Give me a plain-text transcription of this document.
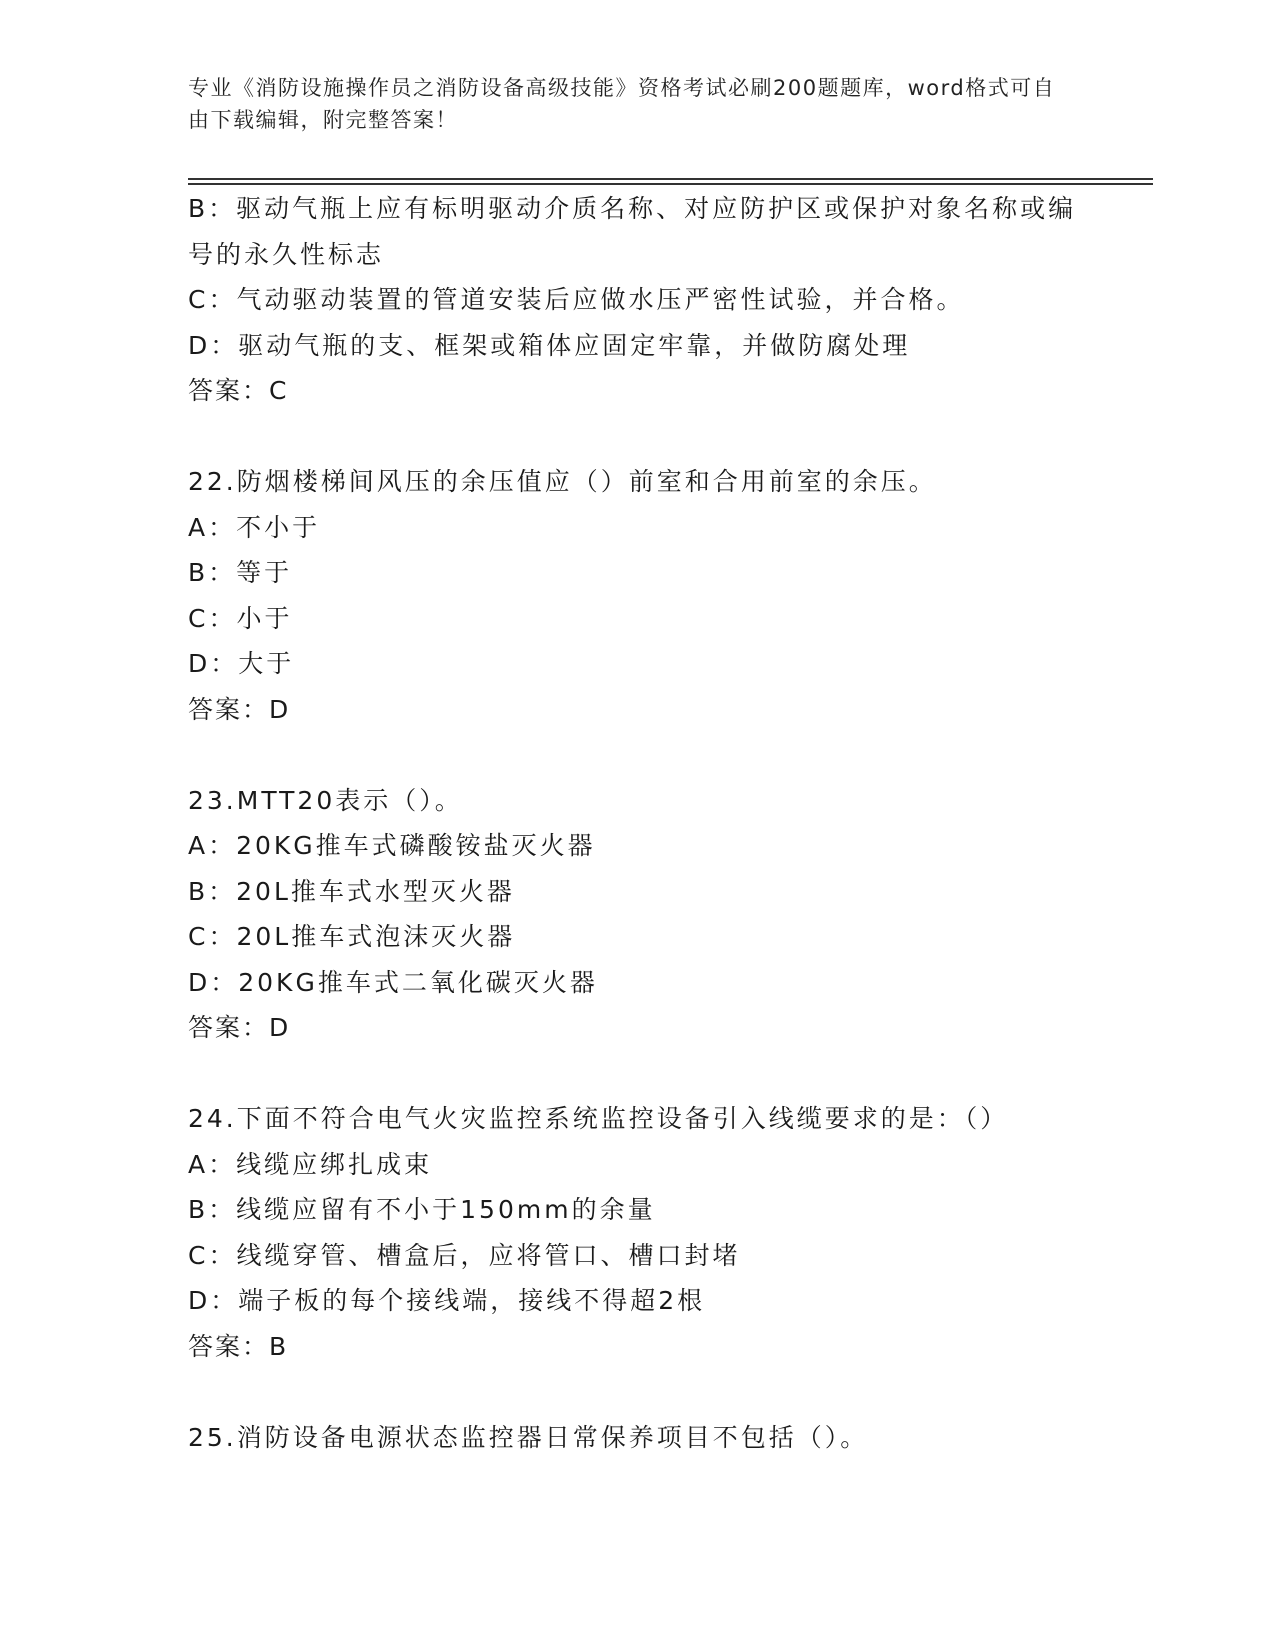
专业《消防设施操作员之消防设备高级技能》资格考试必刷200题题库，word格式可自由下载编辑，附完整答案！
B：驱动气瓶上应有标明驱动介质名称、对应防护区或保护对象名称或编号的永久性标志
C：气动驱动装置的管道安装后应做水压严密性试验，并合格。
D：驱动气瓶的支、框架或箱体应固定牢靠，并做防腐处理
答案：C
22.防烟楼梯间风压的余压值应（）前室和合用前室的余压。
A：不小于
B：等于
C：小于
D：大于
答案：D
23.MTT20表示（）。
A：20KG推车式磷酸铵盐灭火器
B：20L推车式水型灭火器
C：20L推车式泡沫灭火器
D：20KG推车式二氧化碳灭火器
答案：D
24.下面不符合电气火灾监控系统监控设备引入线缆要求的是：（）
A：线缆应绑扎成束
B：线缆应留有不小于150mm的余量
C：线缆穿管、槽盒后，应将管口、槽口封堵
D：端子板的每个接线端，接线不得超2根
答案：B
25.消防设备电源状态监控器日常保养项目不包括（）。
